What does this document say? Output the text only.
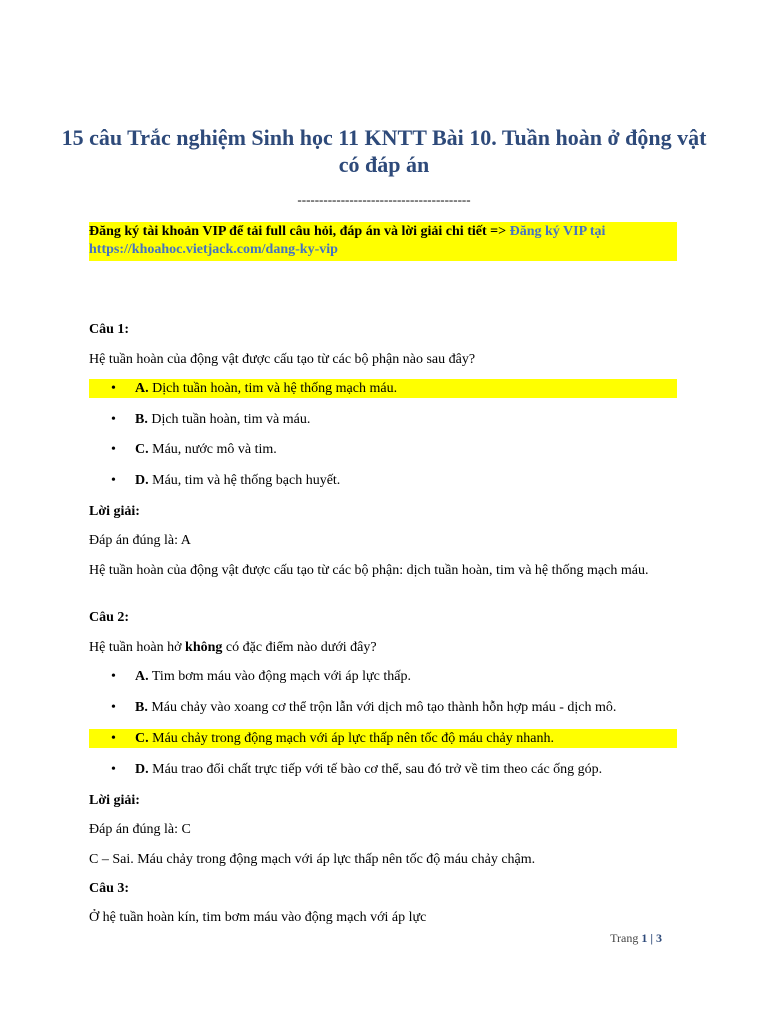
15 câu Trắc nghiệm Sinh học 11 KNTT Bài 10. Tuần hoàn ở động vật có đáp án
----------------------------------------
Đăng ký tài khoản VIP để tải full câu hỏi, đáp án và lời giải chi tiết => Đăng ký VIP tại https://khoahoc.vietjack.com/dang-ky-vip
Câu 1:
Hệ tuần hoàn của động vật được cấu tạo từ các bộ phận nào sau đây?
• A. Dịch tuần hoàn, tim và hệ thống mạch máu.
• B. Dịch tuần hoàn, tim và máu.
• C. Máu, nước mô và tim.
• D. Máu, tim và hệ thống bạch huyết.
Lời giải:
Đáp án đúng là: A
Hệ tuần hoàn của động vật được cấu tạo từ các bộ phận: dịch tuần hoàn, tim và hệ thống mạch máu.
Câu 2:
Hệ tuần hoàn hở không có đặc điểm nào dưới đây?
• A. Tim bơm máu vào động mạch với áp lực thấp.
• B. Máu chảy vào xoang cơ thể trộn lẫn với dịch mô tạo thành hỗn hợp máu - dịch mô.
• C. Máu chảy trong động mạch với áp lực thấp nên tốc độ máu chảy nhanh.
• D. Máu trao đổi chất trực tiếp với tế bào cơ thể, sau đó trở về tim theo các ống góp.
Lời giải:
Đáp án đúng là: C
C – Sai. Máu chảy trong động mạch với áp lực thấp nên tốc độ máu chảy chậm.
Câu 3:
Ở hệ tuần hoàn kín, tim bơm máu vào động mạch với áp lực
Trang 1 | 3
